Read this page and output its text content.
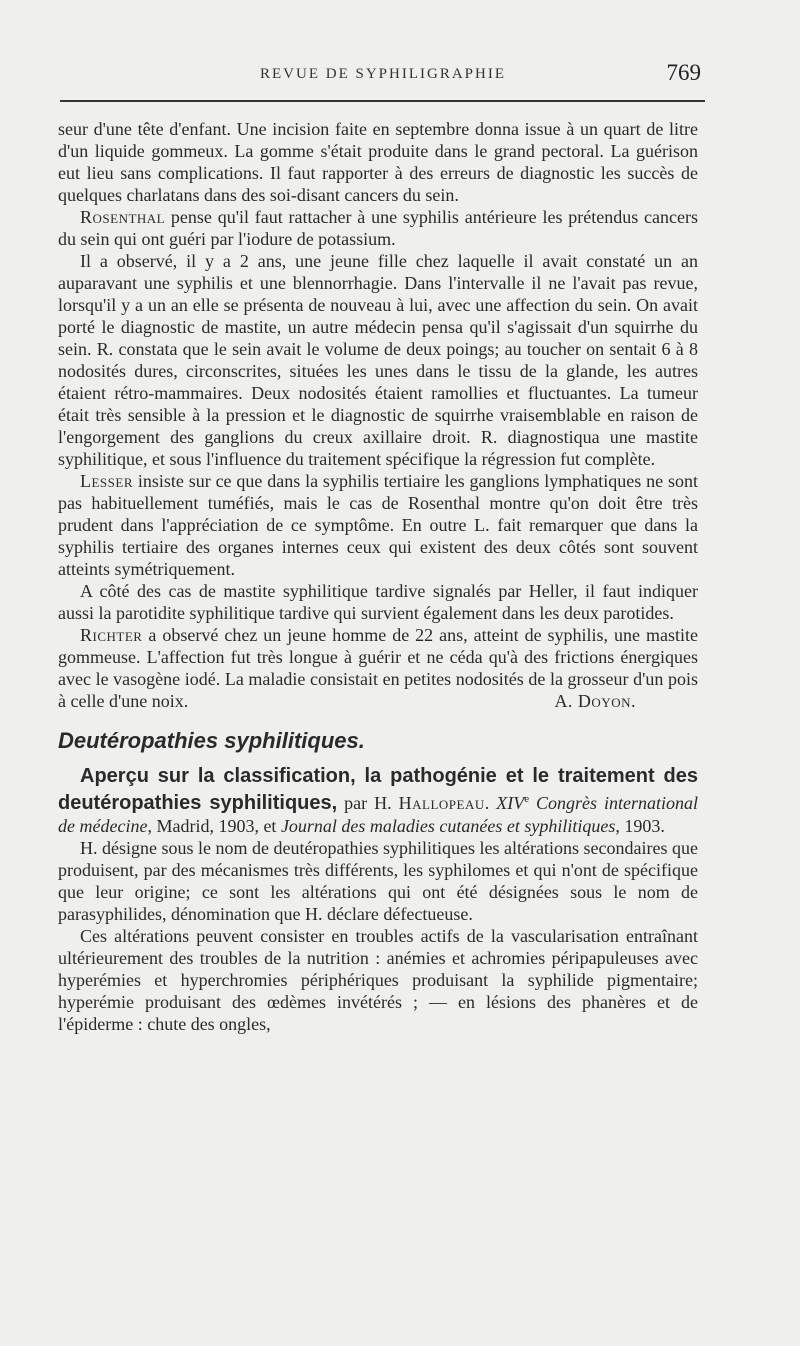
REVUE DE SYPHILIGRAPHIE	769

seur d'une tête d'enfant. Une incision faite en septembre donna issue à un quart de litre d'un liquide gommeux. La gomme s'était produite dans le grand pectoral. La guérison eut lieu sans complications. Il faut rapporter à des erreurs de diagnostic les succès de quelques charlatans dans des soi-disant cancers du sein.

Rosenthal pense qu'il faut rattacher à une syphilis antérieure les prétendus cancers du sein qui ont guéri par l'iodure de potassium.

Il a observé, il y a 2 ans, une jeune fille chez laquelle il avait constaté un an auparavant une syphilis et une blennorrhagie. Dans l'intervalle il ne l'avait pas revue, lorsqu'il y a un an elle se présenta de nouveau à lui, avec une affection du sein. On avait porté le diagnostic de mastite, un autre médecin pensa qu'il s'agissait d'un squirrhe du sein. R. constata que le sein avait le volume de deux poings; au toucher on sentait 6 à 8 nodosités dures, circonscrites, situées les unes dans le tissu de la glande, les autres étaient rétro-mammaires. Deux nodosités étaient ramollies et fluctuantes. La tumeur était très sensible à la pression et le diagnostic de squirrhe vraisemblable en raison de l'engorgement des ganglions du creux axillaire droit. R. diagnostiqua une mastite syphilitique, et sous l'influence du traitement spécifique la régression fut complète.

Lesser insiste sur ce que dans la syphilis tertiaire les ganglions lymphatiques ne sont pas habituellement tuméfiés, mais le cas de Rosenthal montre qu'on doit être très prudent dans l'appréciation de ce symptôme. En outre L. fait remarquer que dans la syphilis tertiaire des organes internes ceux qui existent des deux côtés sont souvent atteints symétriquement.

A côté des cas de mastite syphilitique tardive signalés par Heller, il faut indiquer aussi la parotidite syphilitique tardive qui survient également dans les deux parotides.

Richter a observé chez un jeune homme de 22 ans, atteint de syphilis, une mastite gommeuse. L'affection fut très longue à guérir et ne céda qu'à des frictions énergiques avec le vasogène iodé. La maladie consistait en petites nodosités de la grosseur d'un pois à celle d'une noix.	A. Doyon.

Deutéropathies syphilitiques.

Aperçu sur la classification, la pathogénie et le traitement des deutéropathies syphilitiques, par H. Hallopeau. XIVe Congrès international de médecine, Madrid, 1903, et Journal des maladies cutanées et syphilitiques, 1903.

H. désigne sous le nom de deutéropathies syphilitiques les altérations secondaires que produisent, par des mécanismes très différents, les syphilomes et qui n'ont de spécifique que leur origine; ce sont les altérations qui ont été désignées sous le nom de parasyphilides, dénomination que H. déclare défectueuse.

Ces altérations peuvent consister en troubles actifs de la vascularisation entraînant ultérieurement des troubles de la nutrition : anémies et achromies péripapuleuses avec hyperémies et hyperchromies périphériques produisant la syphilide pigmentaire; hyperémie produisant des œdèmes invétérés ; — en lésions des phanères et de l'épiderme : chute des ongles,
